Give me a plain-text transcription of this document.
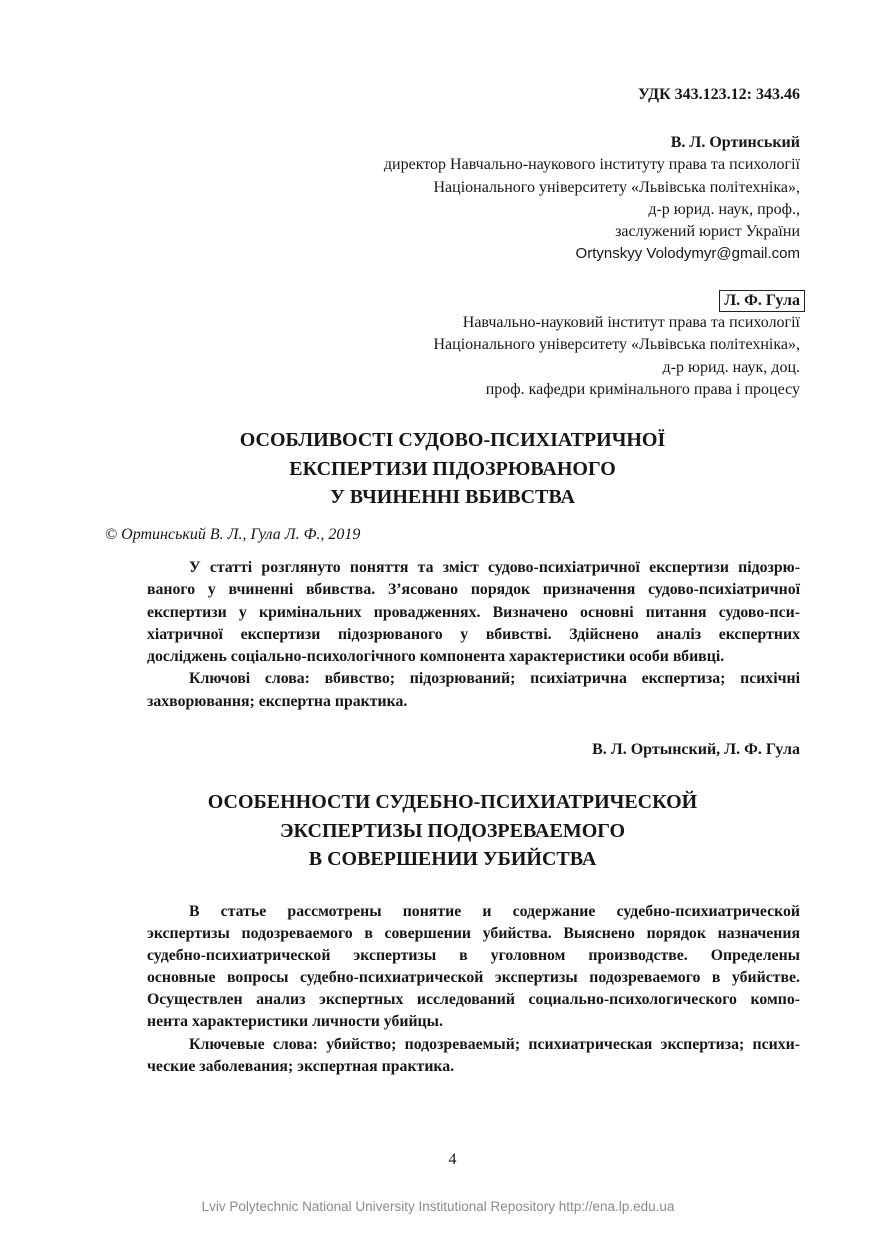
УДК 343.123.12: 343.46
В. Л. Ортинський
директор Навчально-наукового інституту права та психології
Національного університету «Львівська політехніка»,
д-р юрид. наук, проф.,
заслужений юрист України
Ortynskyy Volodymyr@gmail.com
Л. Ф. Гула
Навчально-науковий інститут права та психології
Національного університету «Львівська політехніка»,
д-р юрид. наук, доц.
проф. кафедри кримінального права і процесу
ОСОБЛИВОСТІ СУДОВО-ПСИХІАТРИЧНОЇ
ЕКСПЕРТИЗИ ПІДОЗРЮВАНОГО
У ВЧИНЕННІ ВБИВСТВА
© Ортинський В. Л., Гула Л. Ф., 2019
У статті розглянуто поняття та зміст судово-психіатричної експертизи підозрю-
ваного у вчиненні вбивства. З’ясовано порядок призначення судово-психіатричної
експертизи у кримінальних провадженнях. Визначено основні питання судово-пси-
хіатричної експертизи підозрюваного у вбивстві. Здійснено аналіз експертних
досліджень соціально-психологічного компонента характеристики особи вбивці.
Ключові слова: вбивство; підозрюваний; психіатрична експертиза; психічні
захворювання; експертна практика.
В. Л. Ортынский, Л. Ф. Гула
ОСОБЕННОСТИ СУДЕБНО-ПСИХИАТРИЧЕСКОЙ
ЭКСПЕРТИЗЫ ПОДОЗРЕВАЕМОГО
В СОВЕРШЕНИИ УБИЙСТВА
В статье рассмотрены понятие и содержание судебно-психиатрической
экспертизы подозреваемого в совершении убийства. Выяснено порядок назначения
судебно-психиатрической экспертизы в уголовном производстве. Определены
основные вопросы судебно-психиатрической экспертизы подозреваемого в убийстве.
Осуществлен анализ экспертных исследований социально-психологического компо-
нента характеристики личности убийцы.
Ключевые слова: убийство; подозреваемый; психиатрическая экспертиза; психи-
ческие заболевания; экспертная практика.
4
Lviv Polytechnic National University Institutional Repository http://ena.lp.edu.ua
